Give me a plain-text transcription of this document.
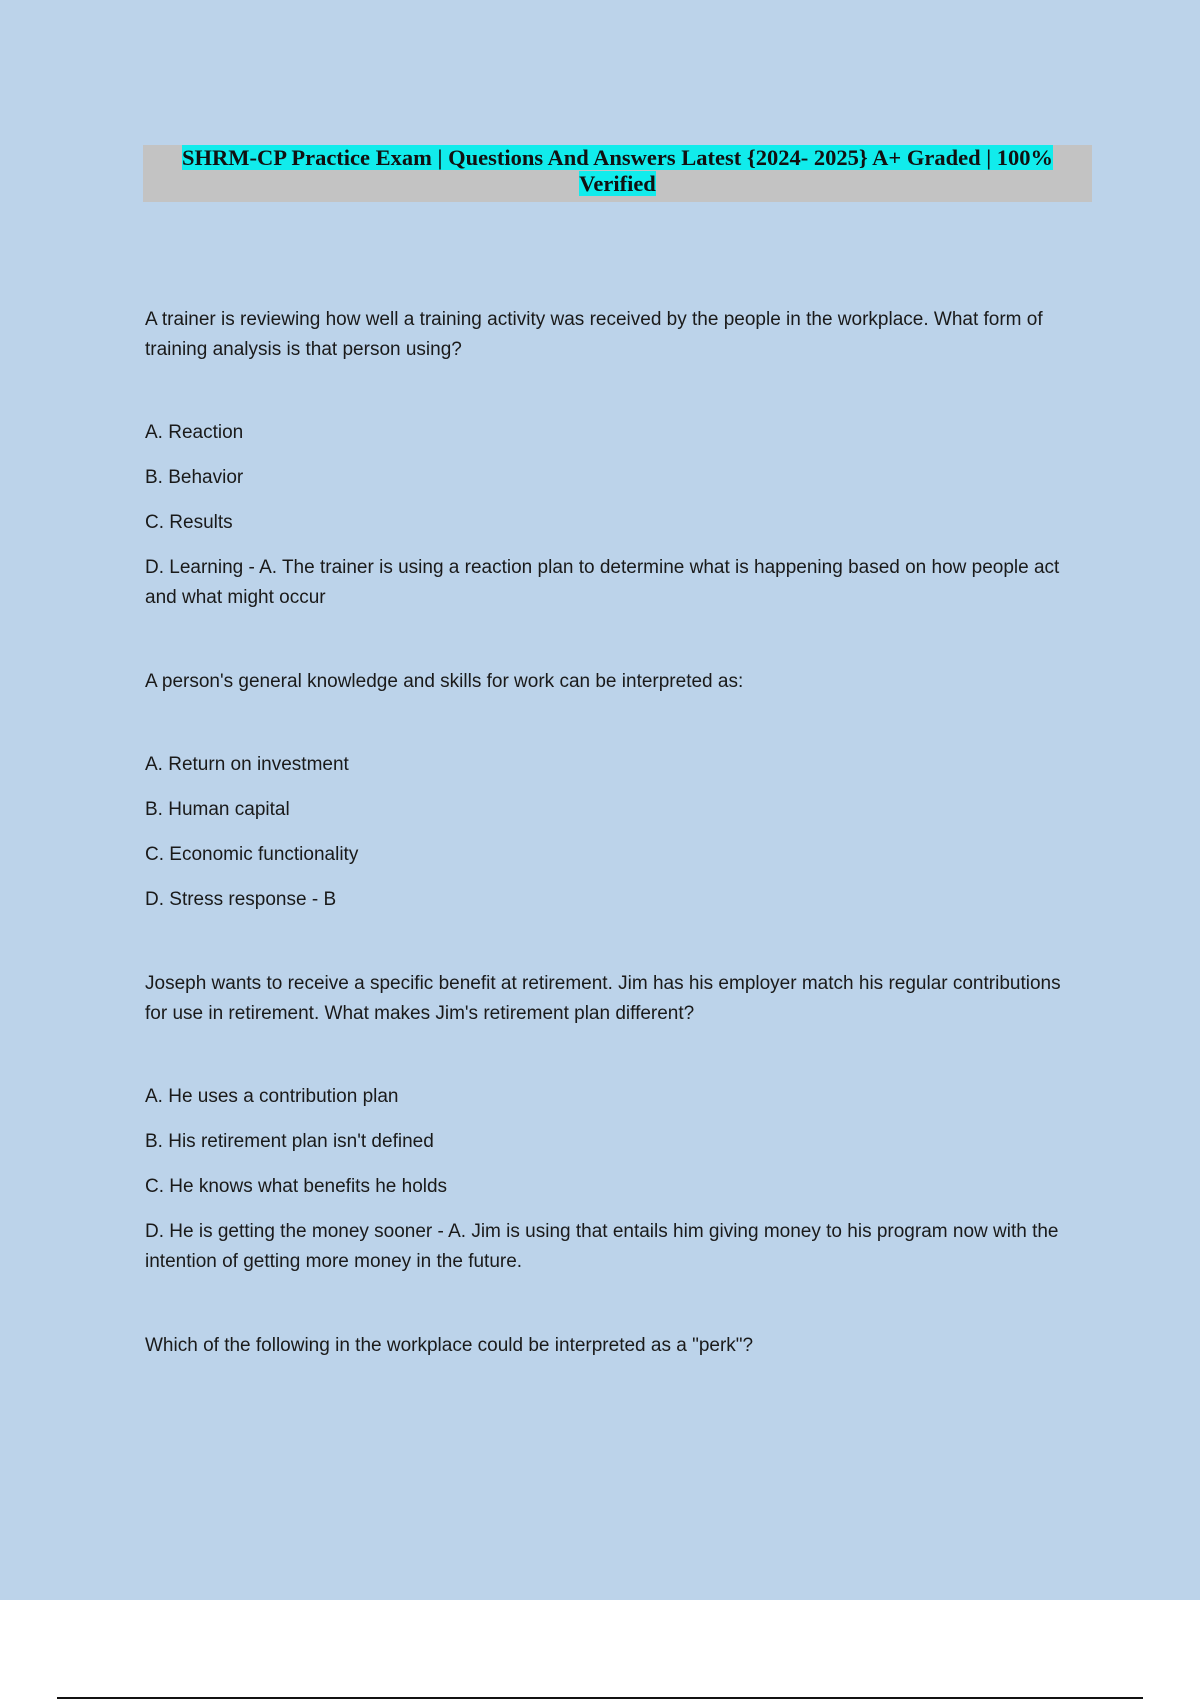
SHRM-CP Practice Exam | Questions And Answers Latest {2024- 2025} A+ Graded | 100%
Verified

A trainer is reviewing how well a training activity was received by the people in the workplace. What form of training analysis is that person using?

A. Reaction
B. Behavior
C. Results
D. Learning - A. The trainer is using a reaction plan to determine what is happening based on how people act and what might occur

A person's general knowledge and skills for work can be interpreted as:

A. Return on investment
B. Human capital
C. Economic functionality
D. Stress response - B

Joseph wants to receive a specific benefit at retirement. Jim has his employer match his regular contributions for use in retirement. What makes Jim's retirement plan different?

A. He uses a contribution plan
B. His retirement plan isn't defined
C. He knows what benefits he holds
D. He is getting the money sooner - A. Jim is using that entails him giving money to his program now with the intention of getting more money in the future.

Which of the following in the workplace could be interpreted as a "perk"?
